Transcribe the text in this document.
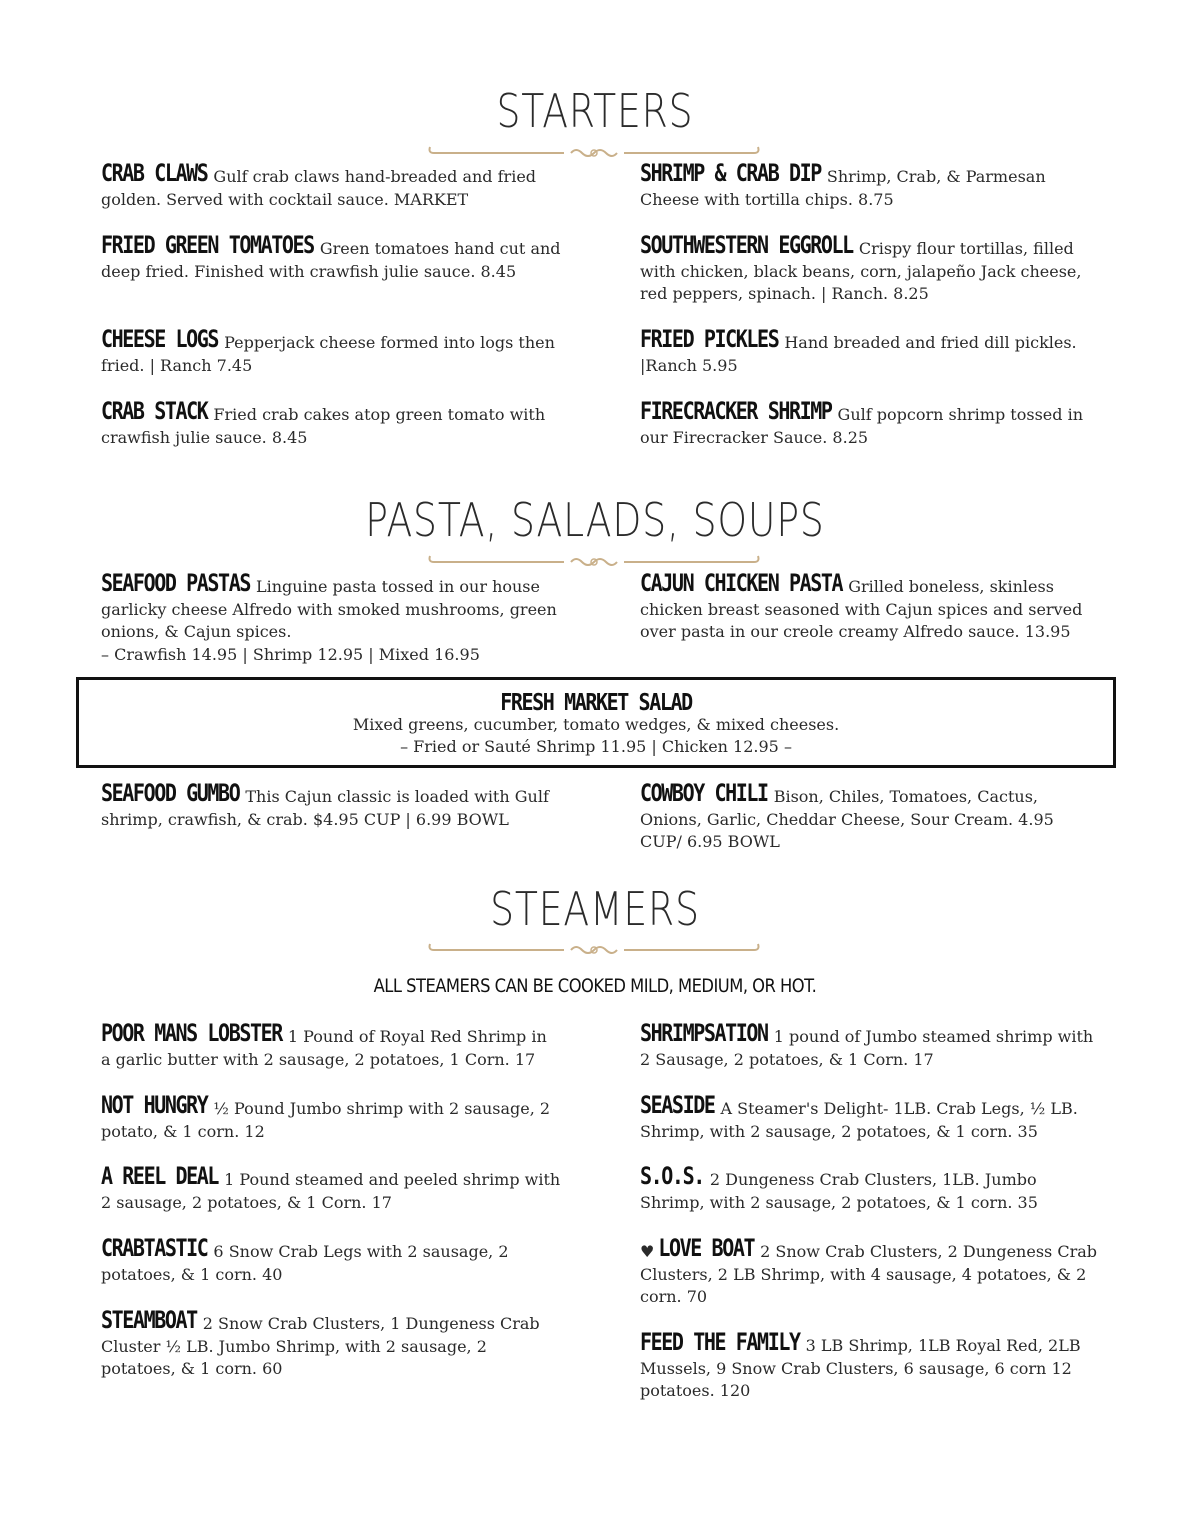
STARTERS
CRAB CLAWS Gulf crab claws hand-breaded and fried golden. Served with cocktail sauce. MARKET
FRIED GREEN TOMATOES Green tomatoes hand cut and deep fried. Finished with crawfish julie sauce. 8.45
CHEESE LOGS Pepperjack cheese formed into logs then fried. | Ranch 7.45
CRAB STACK Fried crab cakes atop green tomato with crawfish julie sauce. 8.45
SHRIMP & CRAB DIP Shrimp, Crab, & Parmesan Cheese with tortilla chips. 8.75
SOUTHWESTERN EGGROLL Crispy flour tortillas, filled with chicken, black beans, corn, jalapeño Jack cheese, red peppers, spinach. | Ranch. 8.25
FRIED PICKLES Hand breaded and fried dill pickles. |Ranch 5.95
FIRECRACKER SHRIMP Gulf popcorn shrimp tossed in our Firecracker Sauce. 8.25
PASTA, SALADS, SOUPS
SEAFOOD PASTAS Linguine pasta tossed in our house garlicky cheese Alfredo with smoked mushrooms, green onions, & Cajun spices.
– Crawfish 14.95 | Shrimp 12.95 | Mixed 16.95
CAJUN CHICKEN PASTA Grilled boneless, skinless chicken breast seasoned with Cajun spices and served over pasta in our creole creamy Alfredo sauce. 13.95
FRESH MARKET SALAD
Mixed greens, cucumber, tomato wedges, & mixed cheeses.
– Fried or Sauté Shrimp 11.95 | Chicken 12.95 –
SEAFOOD GUMBO This Cajun classic is loaded with Gulf shrimp, crawfish, & crab. $4.95 CUP | 6.99 BOWL
COWBOY CHILI Bison, Chiles, Tomatoes, Cactus, Onions, Garlic, Cheddar Cheese, Sour Cream. 4.95 CUP/ 6.95 BOWL
STEAMERS
ALL STEAMERS CAN BE COOKED MILD, MEDIUM, OR HOT.
POOR MANS LOBSTER 1 Pound of Royal Red Shrimp in a garlic butter with 2 sausage, 2 potatoes, 1 Corn. 17
NOT HUNGRY ½ Pound Jumbo shrimp with 2 sausage, 2 potato, & 1 corn. 12
A REEL DEAL 1 Pound steamed and peeled shrimp with 2 sausage, 2 potatoes, & 1 Corn. 17
CRABTASTIC 6 Snow Crab Legs with 2 sausage, 2 potatoes, & 1 corn. 40
STEAMBOAT 2 Snow Crab Clusters, 1 Dungeness Crab Cluster ½ LB. Jumbo Shrimp, with 2 sausage, 2 potatoes, & 1 corn. 60
SHRIMPSATION 1 pound of Jumbo steamed shrimp with 2 Sausage, 2 potatoes, & 1 Corn. 17
SEASIDE A Steamer's Delight- 1LB. Crab Legs, ½ LB. Shrimp, with 2 sausage, 2 potatoes, & 1 corn. 35
S.O.S. 2 Dungeness Crab Clusters, 1LB. Jumbo Shrimp, with 2 sausage, 2 potatoes, & 1 corn. 35
♥ LOVE BOAT 2 Snow Crab Clusters, 2 Dungeness Crab Clusters, 2 LB Shrimp, with 4 sausage, 4 potatoes, & 2 corn. 70
FEED THE FAMILY 3 LB Shrimp, 1LB Royal Red, 2LB Mussels, 9 Snow Crab Clusters, 6 sausage, 6 corn 12 potatoes. 120
